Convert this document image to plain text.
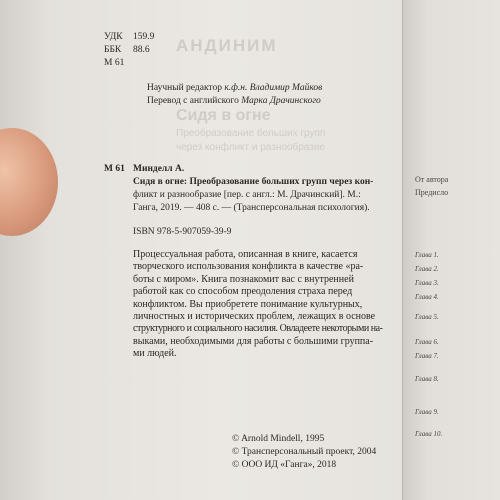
АНДИНИМ
Сидя в огне
Преобразование больших групп
через конфликт и разнообразие
УДК 159.9
ББК 88.6
М 61
Научный редактор к.ф.н. Владимир Майков
Перевод с английского Марка Драчинского
М 61 Минделл А.
Сидя в огне: Преобразование больших групп через кон-
фликт и разнообразие [пер. с англ.: М. Драчинский]. М.:
Ганга, 2019. — 408 с. — (Трансперсональная психология).
ISBN 978-5-907059-39-9
Процессуальная работа, описанная в книге, касается
творческого использования конфликта в качестве «ра-
боты с миром». Книга познакомит вас с внутренней
работой как со способом преодоления страха перед
конфликтом. Вы приобретете понимание культурных,
личностных и исторических проблем, лежащих в основе
структурного и социального насилия. Овладеете некоторыми на-
выками, необходимыми для работы с большими группа-
ми людей.
© Arnold Mindell, 1995
© Трансперсональный проект, 2004
© ООО ИД «Ганга», 2018
От автора
Предисло
Глава 1.
Глава 2.
Глава 3.
Глава 4.
Глава 5.
Глава 6.
Глава 7.
Глава 8.
Глава 9.
Глава 10.
